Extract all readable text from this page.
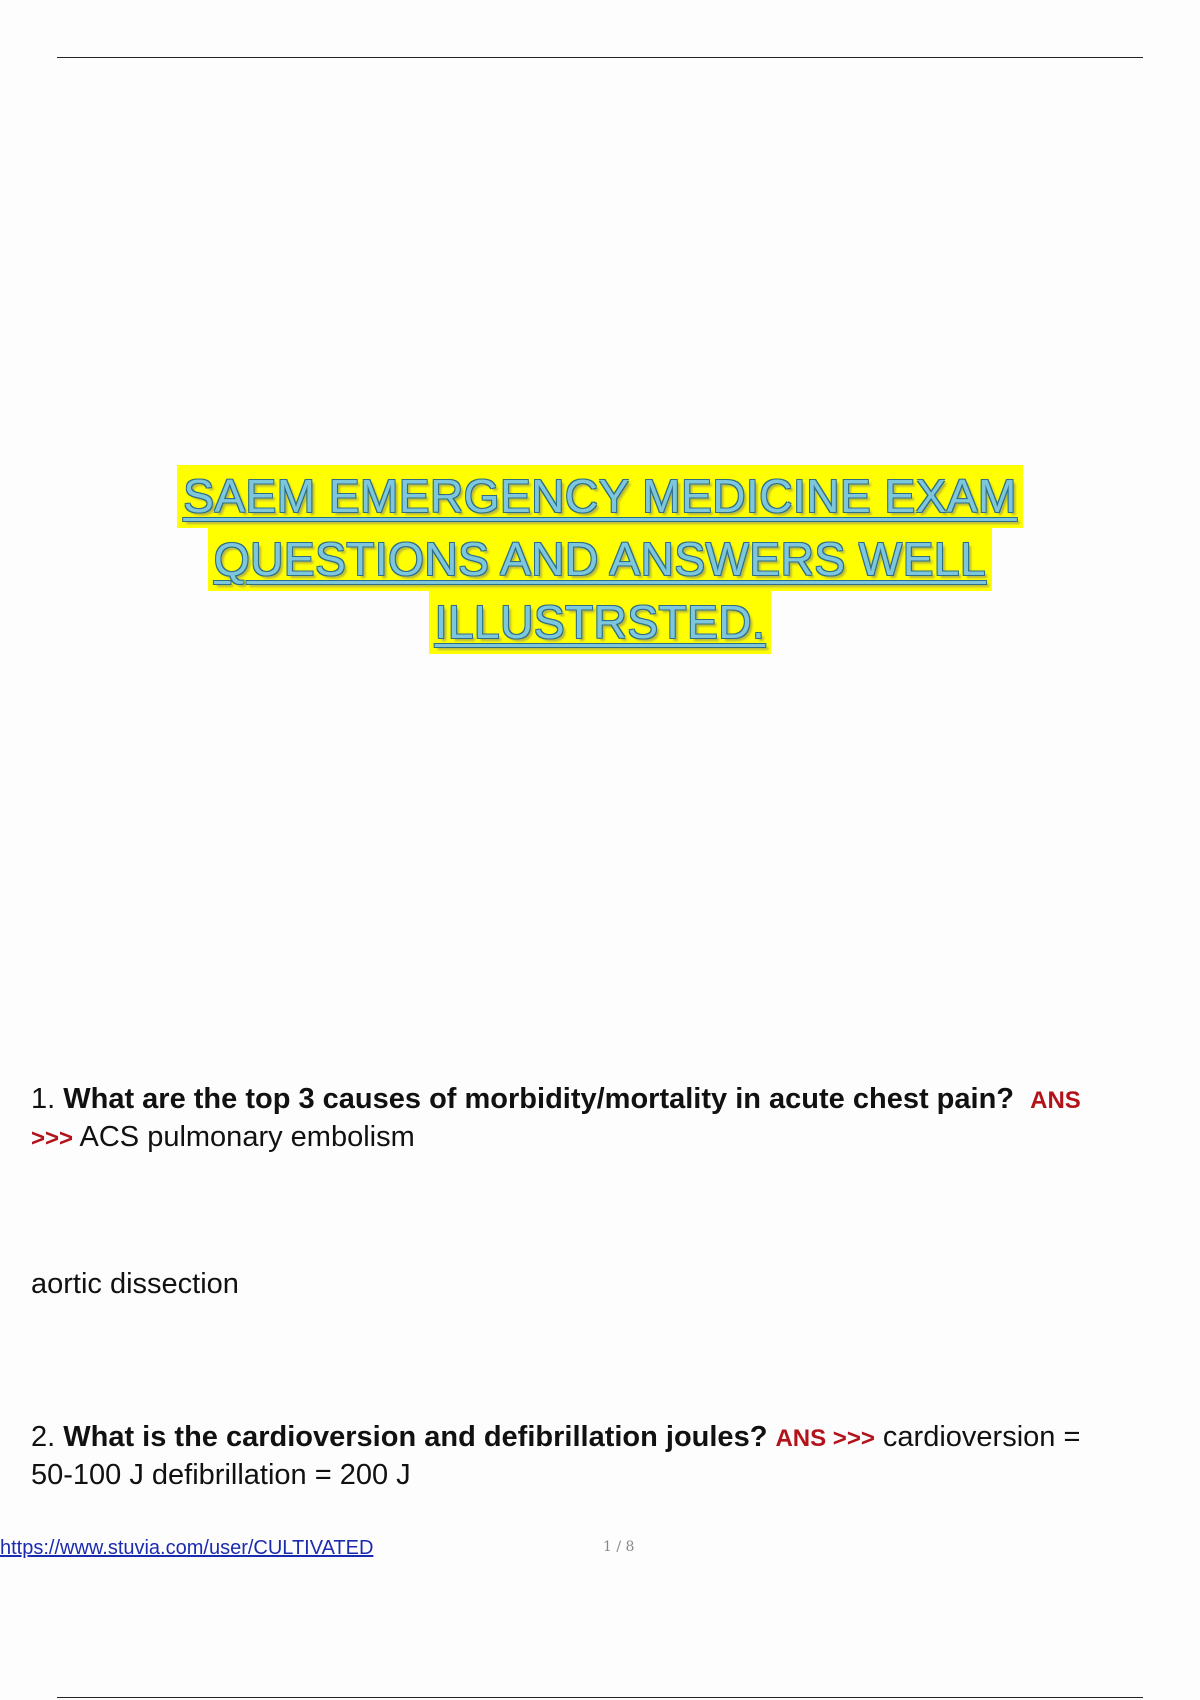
SAEM EMERGENCY MEDICINE EXAM
QUESTIONS AND ANSWERS WELL
ILLUSTRSTED.
1. What are the top 3 causes of morbidity/mortality in acute chest pain? ANS
>>> ACS pulmonary embolism
aortic dissection
2. What is the cardioversion and defibrillation joules? ANS >>> cardioversion =
50-100 J defibrillation = 200 J
https://www.stuvia.com/user/CULTIVATED	1 / 8
